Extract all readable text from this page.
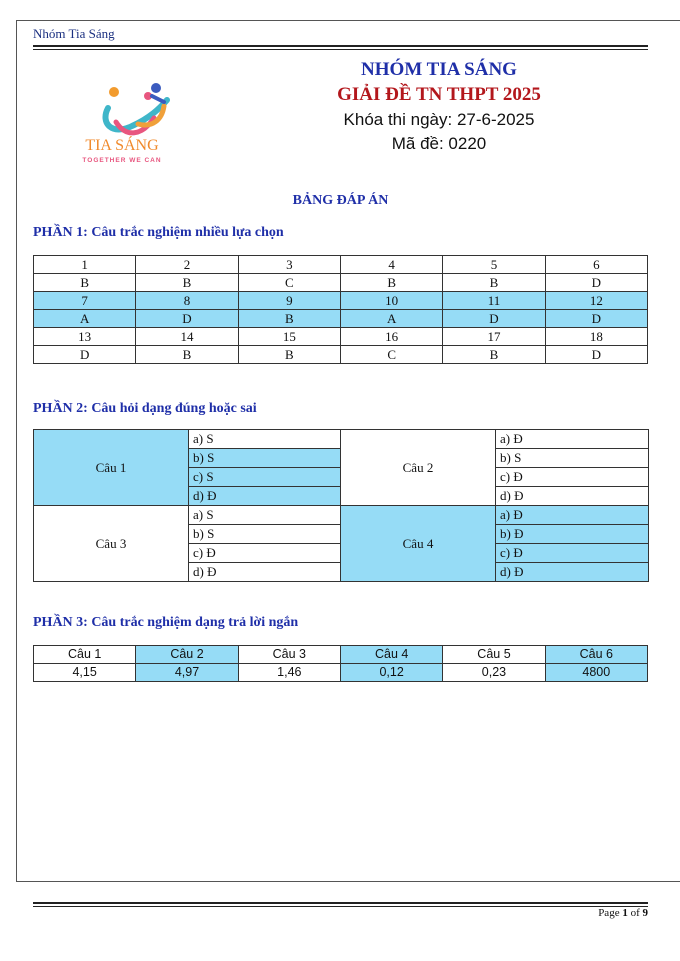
Nhóm Tia Sáng
TIA SÁNG
TOGETHER WE CAN
NHÓM TIA SÁNG
GIẢI ĐỀ TN THPT 2025
Khóa thi ngày: 27-6-2025
Mã đề: 0220
BẢNG ĐÁP ÁN
PHẦN 1: Câu trắc nghiệm nhiều lựa chọn
1	2	3	4	5	6
B	B	C	B	B	D
7	8	9	10	11	12
A	D	B	A	D	D
13	14	15	16	17	18
D	B	B	C	B	D
PHẦN 2: Câu hỏi dạng đúng hoặc sai
Câu 1	a) S	Câu 2	a) Đ
	b) S		b) S
	c) S		c) Đ
	d) Đ		d) Đ
Câu 3	a) S	Câu 4	a) Đ
	b) S		b) Đ
	c) Đ		c) Đ
	d) Đ		d) Đ
PHẦN 3: Câu trắc nghiệm dạng trả lời ngắn
Câu 1	Câu 2	Câu 3	Câu 4	Câu 5	Câu 6
4,15	4,97	1,46	0,12	0,23	4800
Page 1 of 9
